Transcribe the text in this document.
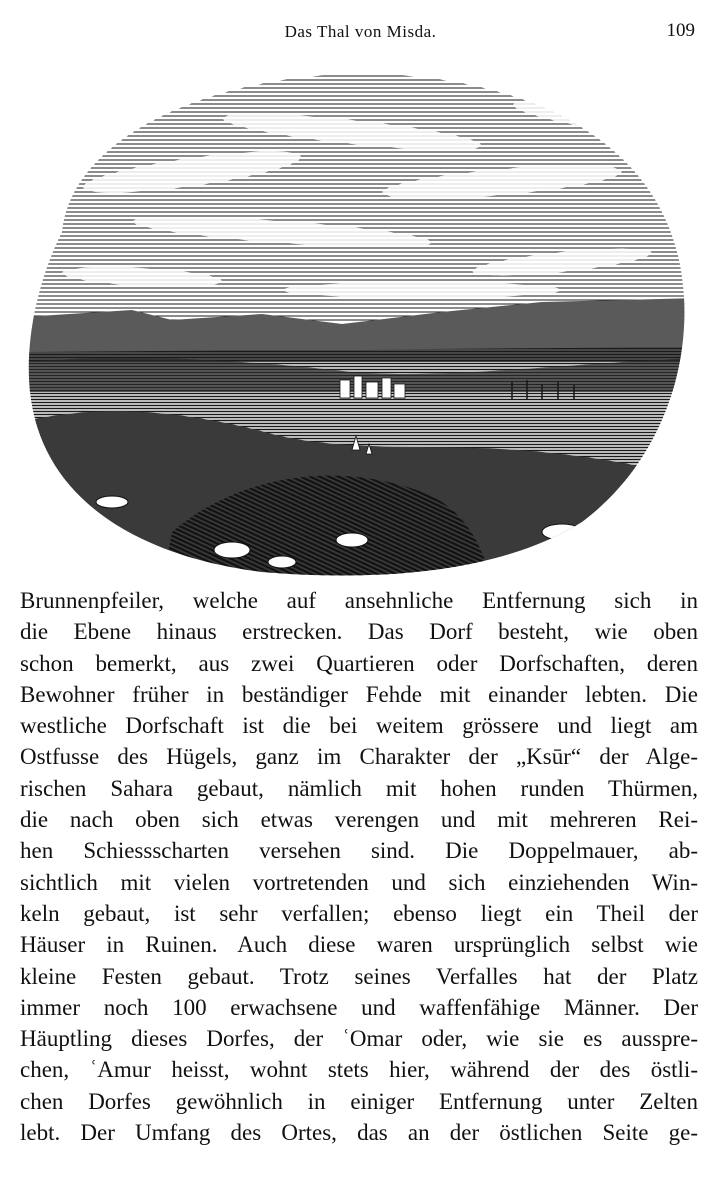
Das Thal von Misda.	109
Brunnenpfeiler, welche auf ansehnliche Entfernung sich in
die Ebene hinaus erstrecken. Das Dorf besteht, wie oben
schon bemerkt, aus zwei Quartieren oder Dorfschaften, deren
Bewohner früher in beständiger Fehde mit einander lebten. Die
westliche Dorfschaft ist die bei weitem grössere und liegt am
Ostfusse des Hügels, ganz im Charakter der „Ksūr“ der Alge-
rischen Sahara gebaut, nämlich mit hohen runden Thürmen,
die nach oben sich etwas verengen und mit mehreren Rei-
hen Schiessscharten versehen sind. Die Doppelmauer, ab-
sichtlich mit vielen vortretenden und sich einziehenden Win-
keln gebaut, ist sehr verfallen; ebenso liegt ein Theil der
Häuser in Ruinen. Auch diese waren ursprünglich selbst wie
kleine Festen gebaut. Trotz seines Verfalles hat der Platz
immer noch 100 erwachsene und waffenfähige Männer. Der
Häuptling dieses Dorfes, der ʿOmar oder, wie sie es ausspre-
chen, ʿAmur heisst, wohnt stets hier, während der des östli-
chen Dorfes gewöhnlich in einiger Entfernung unter Zelten
lebt. Der Umfang des Ortes, das an der östlichen Seite ge-
